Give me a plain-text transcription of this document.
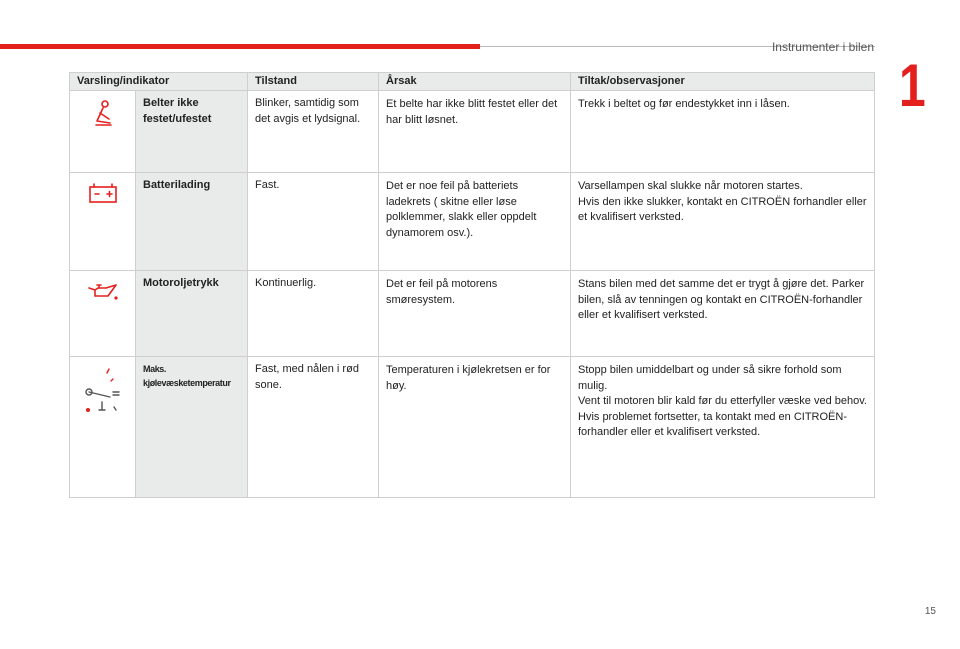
Instrumenter i bilen
1
Varsling/indikator		Tilstand	Årsak	Tiltak/observasjoner
	Belter ikke festet/ufestet	Blinker, samtidig som det avgis et lydsignal.	Et belte har ikke blitt festet eller det har blitt løsnet.	Trekk i beltet og før endestykket inn i låsen.
	Batterilading	Fast.	Det er noe feil på batteriets ladekrets ( skitne eller løse polklemmer, slakk eller oppdelt dynamorem osv.).	Varsellampen skal slukke når motoren startes.
Hvis den ikke slukker, kontakt en CITROËN forhandler eller et kvalifisert verksted.
	Motoroljetrykk	Kontinuerlig.	Det er feil på motorens smøresystem.	Stans bilen med det samme det er trygt å gjøre det. Parker bilen, slå av tenningen og kontakt en CITROËN-forhandler eller et kvalifisert verksted.
	Maks. kjølevæsketemperatur	Fast, med nålen i rød sone.	Temperaturen i kjølekretsen er for høy.	Stopp bilen umiddelbart og under så sikre forhold som mulig.
Vent til motoren blir kald før du etterfyller væske ved behov.
Hvis problemet fortsetter, ta kontakt med en CITROËN-forhandler eller et kvalifisert verksted.
15
